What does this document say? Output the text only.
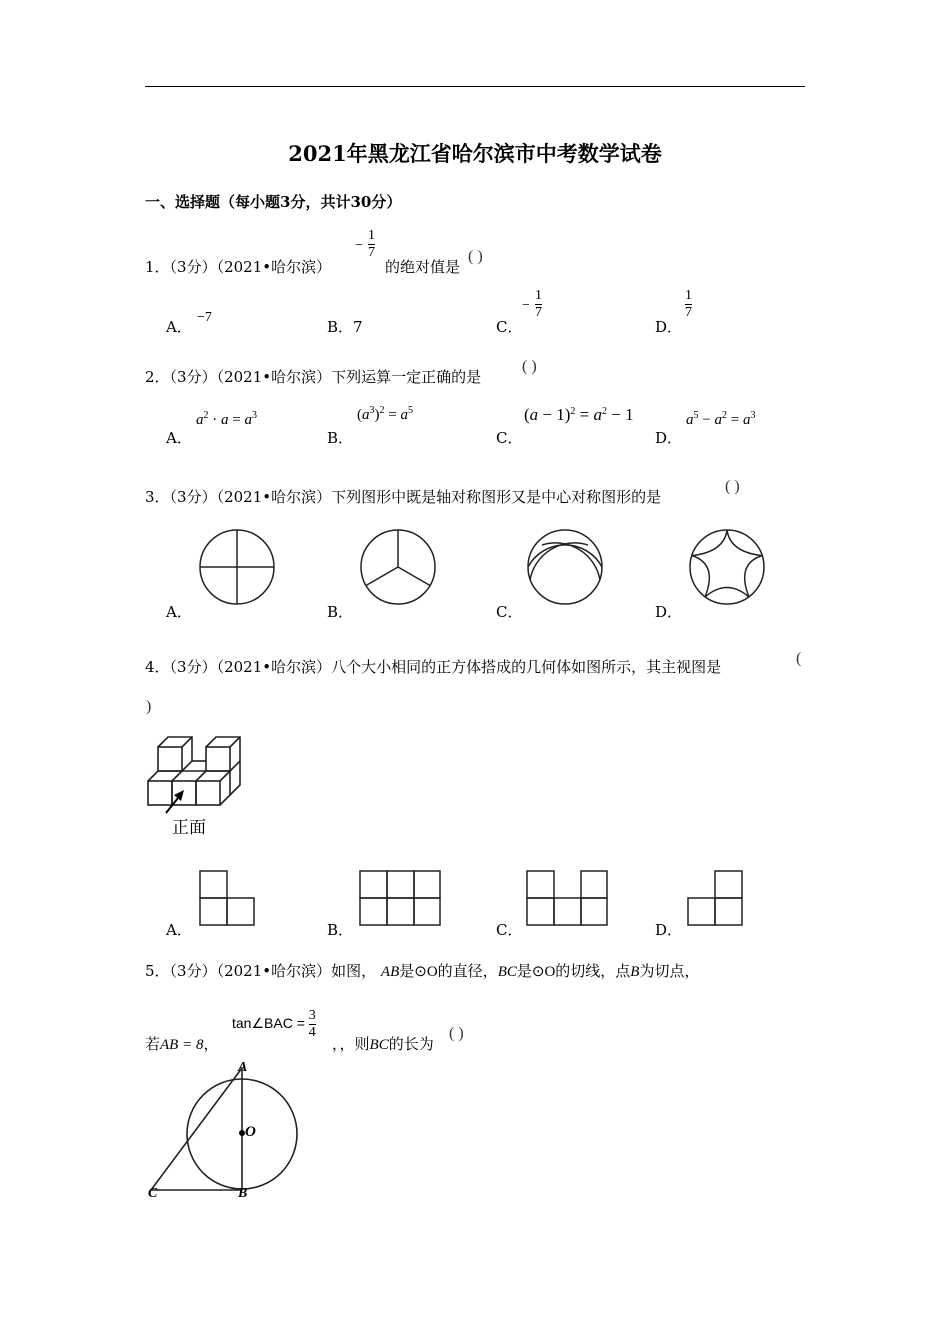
2021年黑龙江省哈尔滨市中考数学试卷
一、选择题（每小题3分，共计30分）
1．（3分）（2021•哈尔滨）
− $\frac{1}{7}$
的绝对值是
( )
A．
−7
B．7	C．
− $\frac{1}{7}$
D．
$\frac{1}{7}$
2．（3分）（2021•哈尔滨）下列运算一定正确的是
( )
A．
$a^2 \cdot a = a^3$
B．
$(a^3)^2 = a^5$
C．
$(a - 1)^2 = a^2 - 1$
D．
$a^5 - a^2 = a^3$
3．（3分）（2021•哈尔滨）下列图形中既是轴对称图形又是中心对称图形的是
( )
A．	B．	C．	D．
4．（3分）（2021•哈尔滨）八个大小相同的正方体搭成的几何体如图所示，其主视图是	(
)
正面
A．	B．	C．	D．
5．（3分）（2021•哈尔滨）如图， AB是⊙O的直径，BC是⊙O的切线，点B为切点，
若AB = 8，
tan∠BAC = $\frac{3}{4}$
，，则BC的长为
( )
A
O
C	B
